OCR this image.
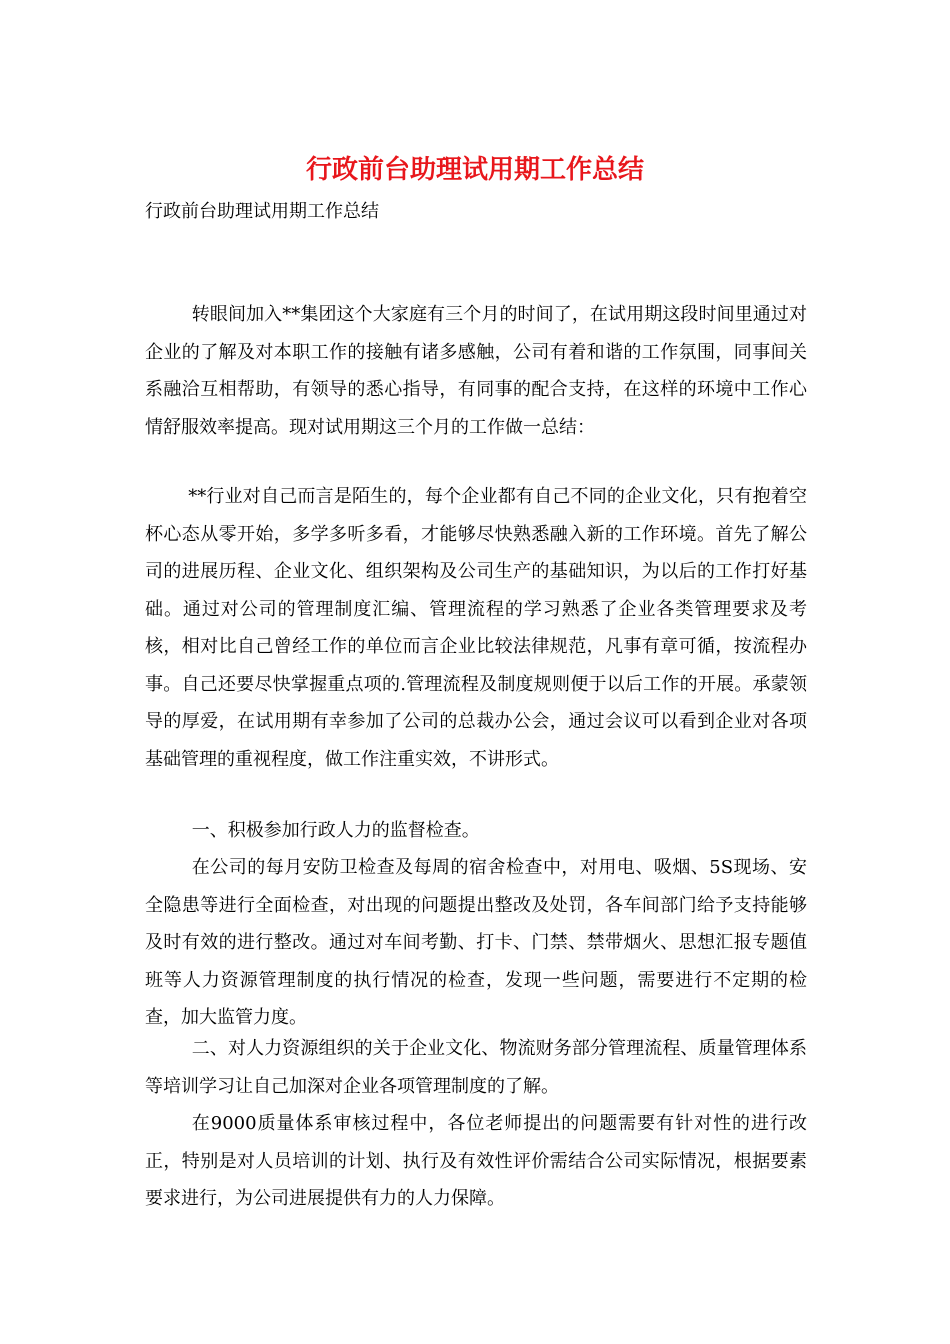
行政前台助理试用期工作总结

行政前台助理试用期工作总结

转眼间加入**集团这个大家庭有三个月的时间了，在试用期这段时间里通过对企业的了解及对本职工作的接触有诸多感触，公司有着和谐的工作氛围，同事间关系融洽互相帮助，有领导的悉心指导，有同事的配合支持，在这样的环境中工作心情舒服效率提高。现对试用期这三个月的工作做一总结：

**行业对自己而言是陌生的，每个企业都有自己不同的企业文化，只有抱着空杯心态从零开始，多学多听多看，才能够尽快熟悉融入新的工作环境。首先了解公司的进展历程、企业文化、组织架构及公司生产的基础知识，为以后的工作打好基础。通过对公司的管理制度汇编、管理流程的学习熟悉了企业各类管理要求及考核，相对比自己曾经工作的单位而言企业比较法律规范，凡事有章可循，按流程办事。自己还要尽快掌握重点项的.管理流程及制度规则便于以后工作的开展。承蒙领导的厚爱，在试用期有幸参加了公司的总裁办公会，通过会议可以看到企业对各项基础管理的重视程度，做工作注重实效，不讲形式。

一、积极参加行政人力的监督检查。

在公司的每月安防卫检查及每周的宿舍检查中，对用电、吸烟、5S现场、安全隐患等进行全面检查，对出现的问题提出整改及处罚，各车间部门给予支持能够及时有效的进行整改。通过对车间考勤、打卡、门禁、禁带烟火、思想汇报专题值班等人力资源管理制度的执行情况的检查，发现一些问题，需要进行不定期的检查，加大监管力度。

二、对人力资源组织的关于企业文化、物流财务部分管理流程、质量管理体系等培训学习让自己加深对企业各项管理制度的了解。

在9000质量体系审核过程中，各位老师提出的问题需要有针对性的进行改正，特别是对人员培训的计划、执行及有效性评价需结合公司实际情况，根据要素要求进行，为公司进展提供有力的人力保障。
